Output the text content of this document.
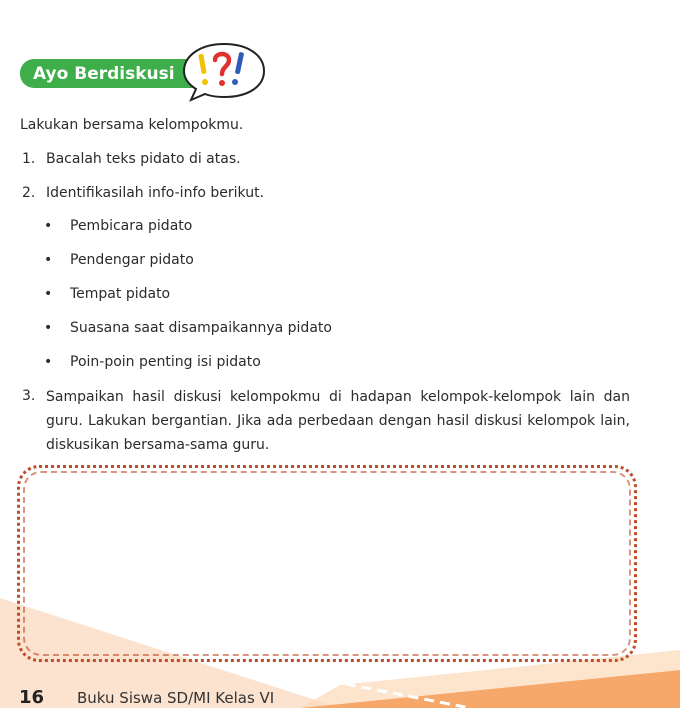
Ayo Berdiskusi
Lakukan bersama kelompokmu.
1. Bacalah teks pidato di atas.
2. Identifikasilah info-info berikut.
• Pembicara pidato
• Pendengar pidato
• Tempat pidato
• Suasana saat disampaikannya pidato
• Poin-poin penting isi pidato
3. Sampaikan hasil diskusi kelompokmu di hadapan kelompok-kelompok lain dan guru. Lakukan bergantian. Jika ada perbedaan dengan hasil diskusi kelompok lain, diskusikan bersama-sama guru.
16 Buku Siswa SD/MI Kelas VI
